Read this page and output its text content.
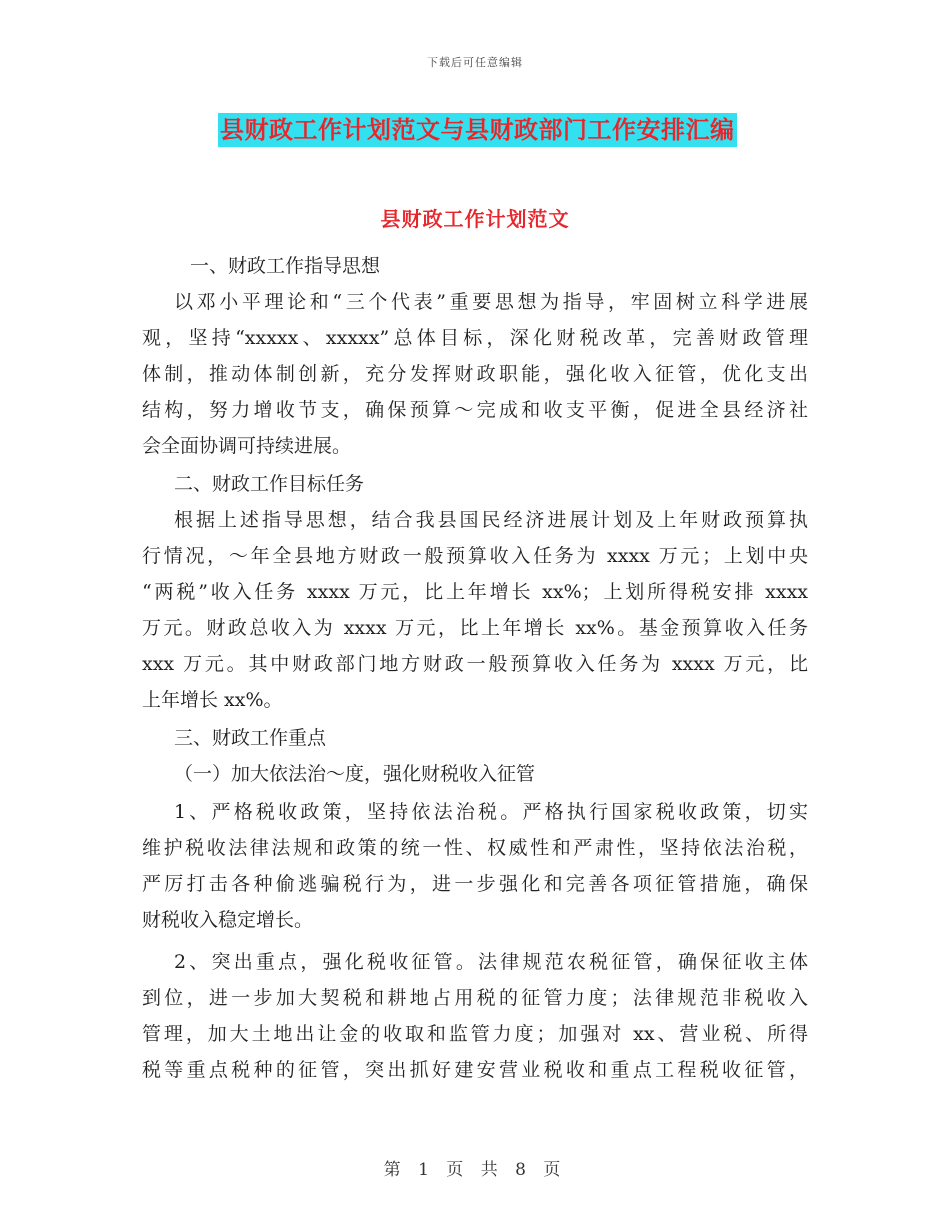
下载后可任意编辑
县财政工作计划范文与县财政部门工作安排汇编
县财政工作计划范文
一、财政工作指导思想
以邓小平理论和“三个代表”重要思想为指导，牢固树立科学进展
观，坚持“xxxxx、xxxxx”总体目标，深化财税改革，完善财政管理
体制，推动体制创新，充分发挥财政职能，强化收入征管，优化支出
结构，努力增收节支，确保预算～完成和收支平衡，促进全县经济社
会全面协调可持续进展。
二、财政工作目标任务
根据上述指导思想，结合我县国民经济进展计划及上年财政预算执
行情况，～年全县地方财政一般预算收入任务为 xxxx 万元；上划中央
“两税”收入任务 xxxx 万元，比上年增长 xx%；上划所得税安排 xxxx
万元。财政总收入为 xxxx 万元，比上年增长 xx%。基金预算收入任务
xxx 万元。其中财政部门地方财政一般预算收入任务为 xxxx 万元，比
上年增长 xx%。
三、财政工作重点
（一）加大依法治～度，强化财税收入征管
1、严格税收政策，坚持依法治税。严格执行国家税收政策，切实
维护税收法律法规和政策的统一性、权威性和严肃性，坚持依法治税，
严厉打击各种偷逃骗税行为，进一步强化和完善各项征管措施，确保
财税收入稳定增长。
2、突出重点，强化税收征管。法律规范农税征管，确保征收主体
到位，进一步加大契税和耕地占用税的征管力度；法律规范非税收入
管理，加大土地出让金的收取和监管力度；加强对 xx、营业税、所得
税等重点税种的征管，突出抓好建安营业税收和重点工程税收征管，
第 1 页 共 8 页
